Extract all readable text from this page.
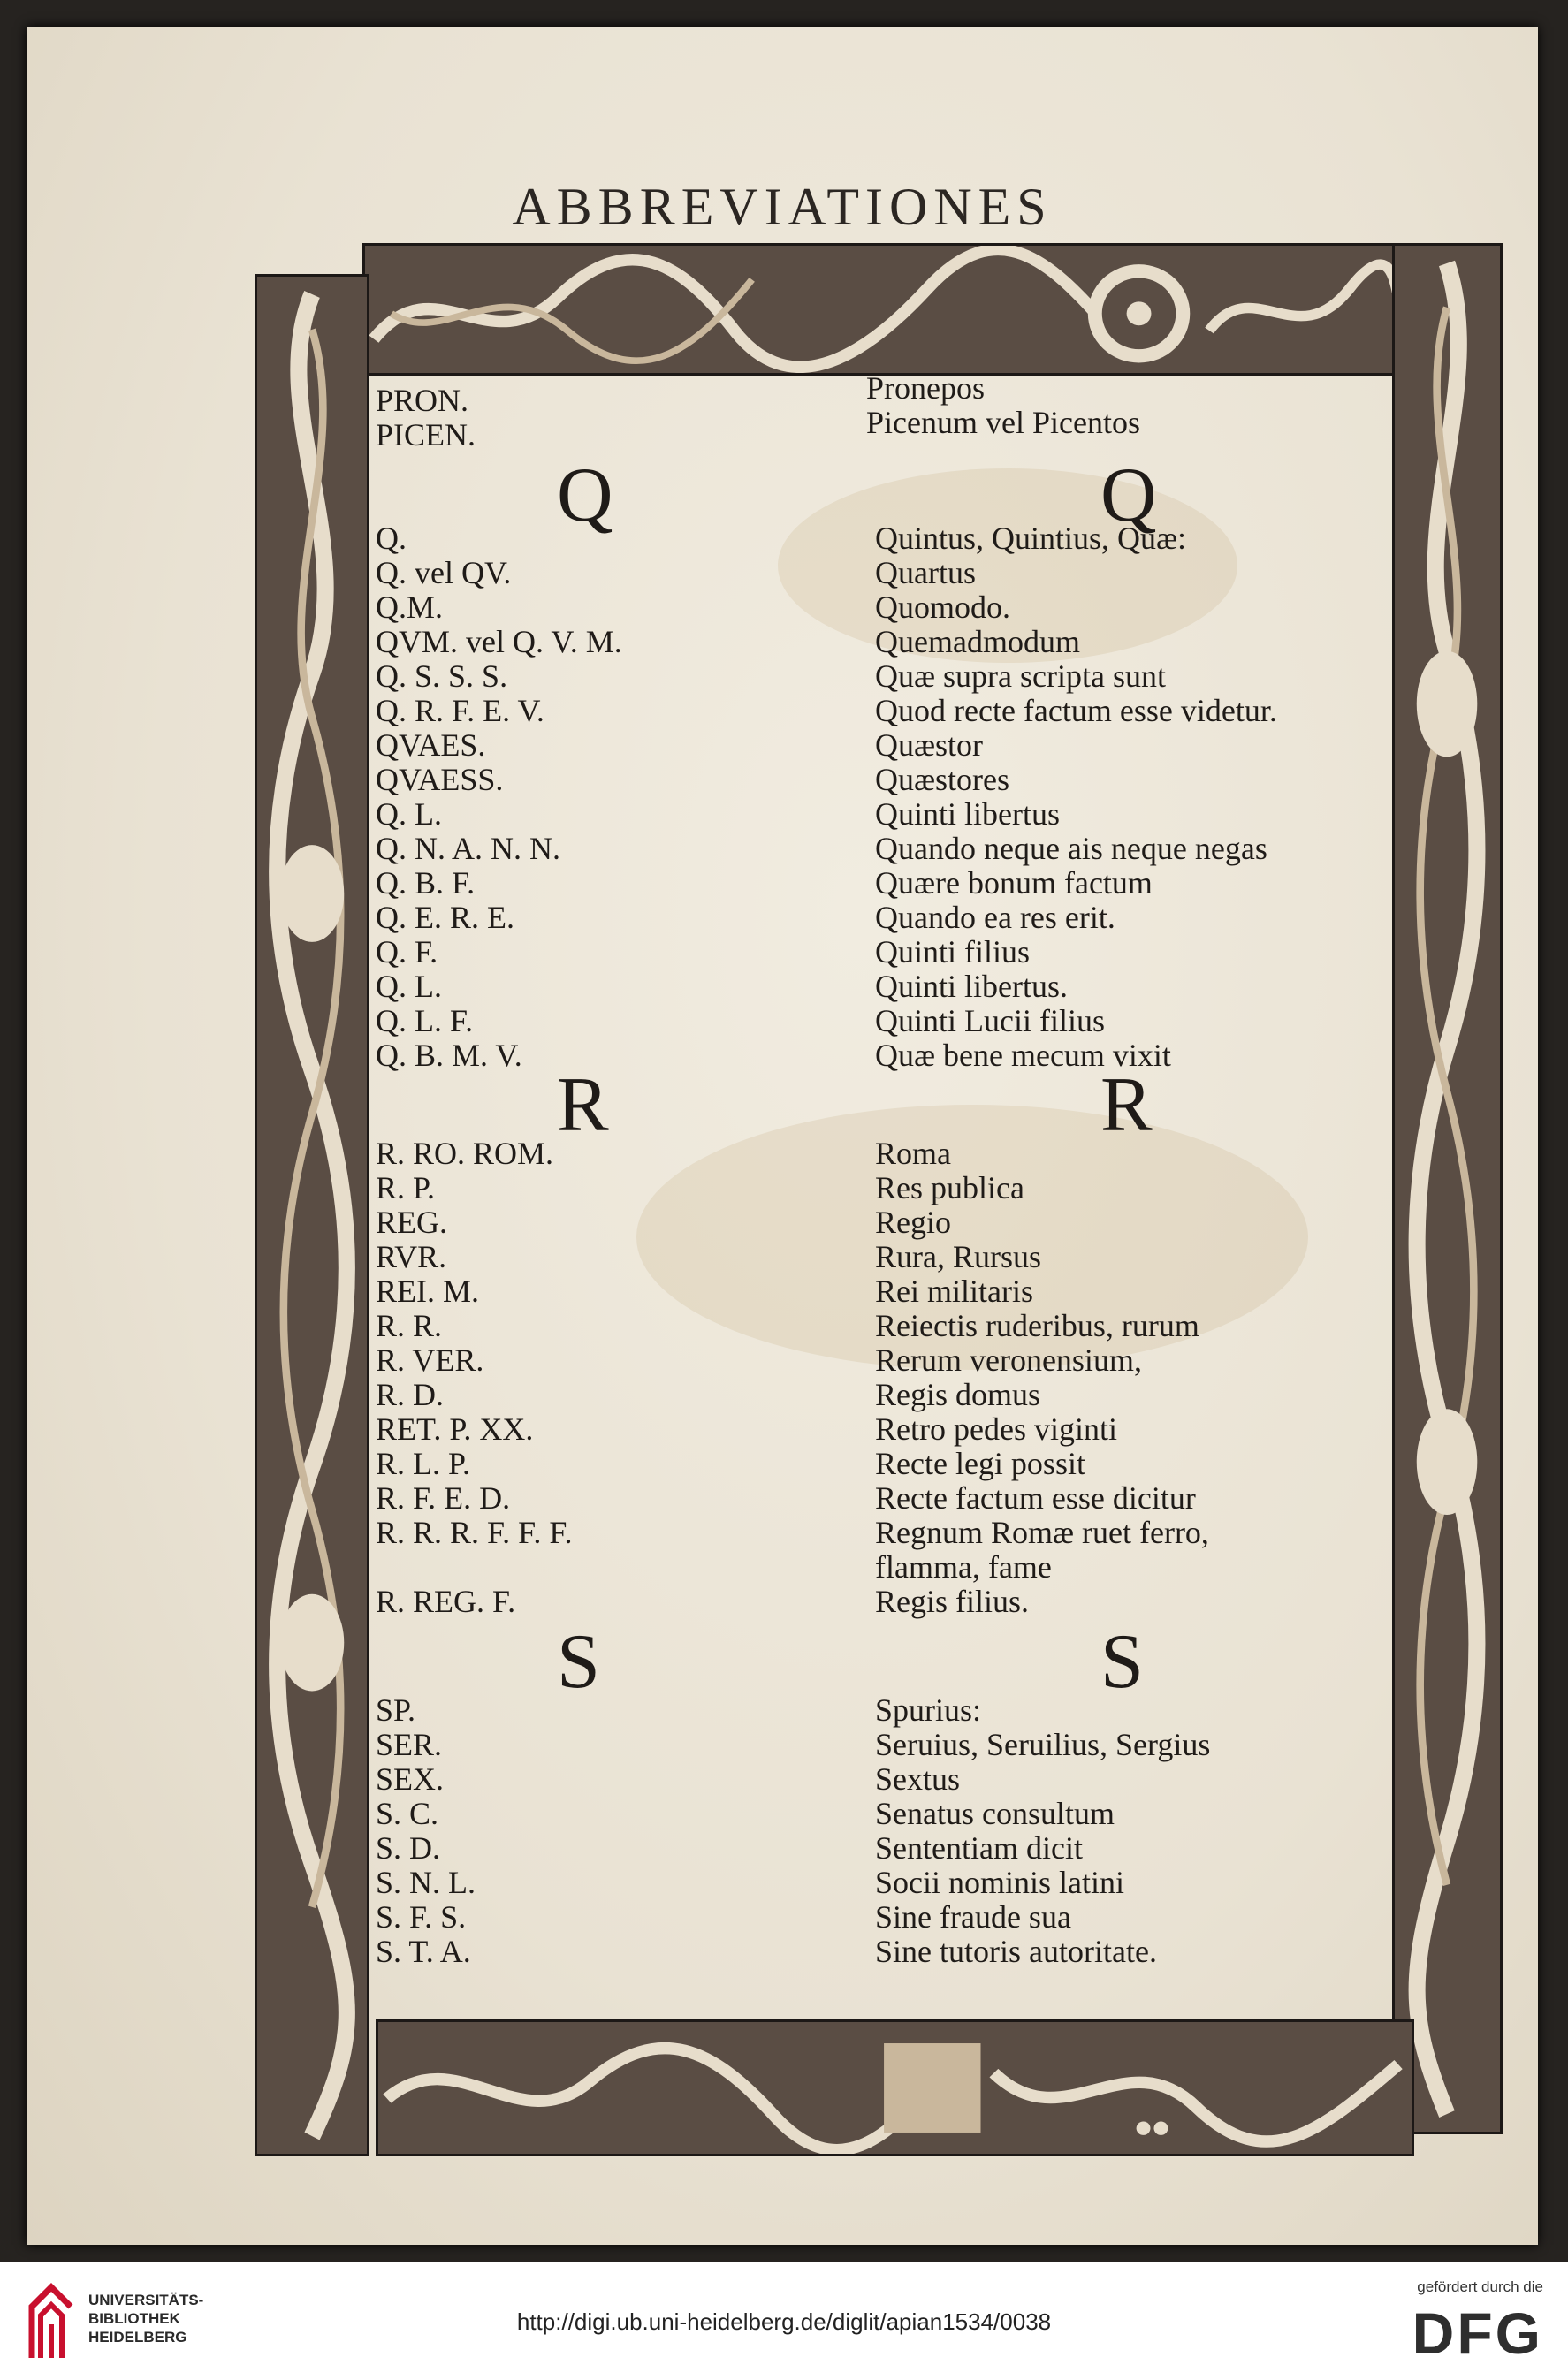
ABBREVIATIONES
PRON.	Pronepos
PICEN.	Picenum vel Picentos
Q	Q
Q.	Quintus, Quintius, Quæ:
Q. vel QV.	Quartus
Q.M.	Quomodo.
QVM. vel Q. V. M.	Quemadmodum
Q. S. S. S.	Quæ supra scripta sunt
Q. R. F. E. V.	Quod recte factum esse videtur.
QVAES.	Quæstor
QVAESS.	Quæstores
Q. L.	Quinti libertus
Q. N. A. N. N.	Quando neque ais neque negas
Q. B. F.	Quære bonum factum
Q. E. R. E.	Quando ea res erit.
Q. F.	Quinti filius
Q. L.	Quinti libertus.
Q. L. F.	Quinti Lucii filius
Q. B. M. V.	Quæ bene mecum vixit
R	R
R. RO. ROM.	Roma
R. P.	Res publica
REG.	Regio
RVR.	Rura, Rursus
REI. M.	Rei militaris
R. R.	Reiectis ruderibus, rurum
R. VER.	Rerum veronensium,
R. D.	Regis domus
RET. P. XX.	Retro pedes viginti
R. L. P.	Recte legi possit
R. F. E. D.	Recte factum esse dicitur
R. R. R. F. F. F.	Regnum Romæ ruet ferro,
flamma, fame
R. REG. F.	Regis filius.
S	S
SP.	Spurius:
SER.	Seruius, Seruilius, Sergius
SEX.	Sextus
S. C.	Senatus consultum
S. D.	Sententiam dicit
S. N. L.	Socii nominis latini
S. F. S.	Sine fraude sua
S. T. A.	Sine tutoris autoritate.
UNIVERSITÄTS-
BIBLIOTHEK
HEIDELBERG
http://digi.ub.uni-heidelberg.de/diglit/apian1534/0038
gefördert durch die
DFG
